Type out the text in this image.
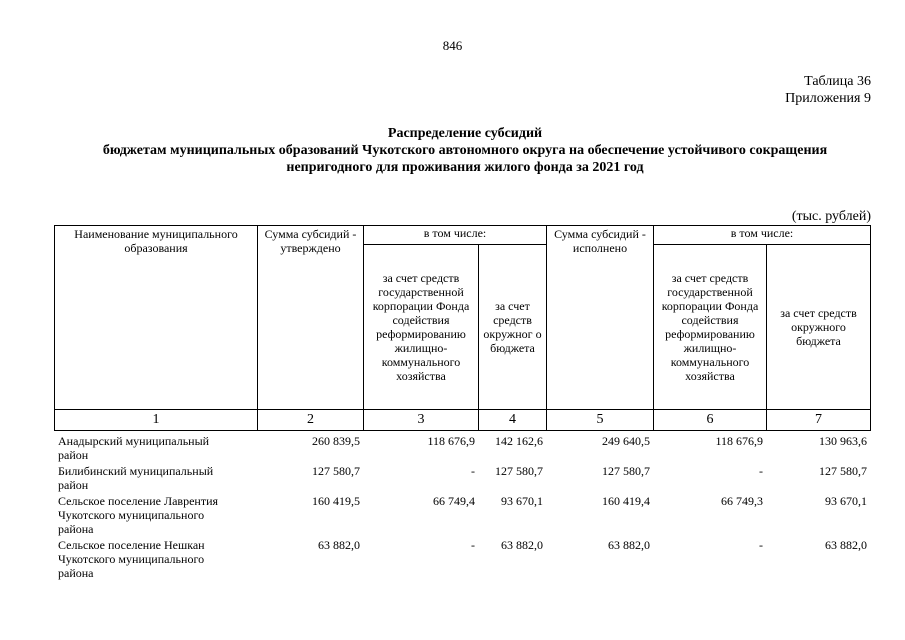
846
Таблица 36
Приложения 9
Распределение субсидий
бюджетам муниципальных образований Чукотского автономного округа на обеспечение устойчивого сокращения
непригодного для проживания жилого фонда за 2021 год
(тыс. рублей)
Наименование муниципального образования	Сумма субсидий - утверждено	в том числе:		Сумма субсидий - исполнено	в том числе:	
		за счет средств государственной корпорации Фонда содействия реформированию жилищно-коммунального хозяйства	за счет средств окружног о бюджета		за счет средств государственной корпорации Фонда содействия реформированию жилищно-коммунального хозяйства	за счет средств окружного бюджета
1	2	3	4	5	6	7
Анадырский муниципальный район	260 839,5	118 676,9	142 162,6	249 640,5	118 676,9	130 963,6
Билибинский муниципальный район	127 580,7	-	127 580,7	127 580,7	-	127 580,7
Сельское поселение Лаврентия Чукотского муниципального района	160 419,5	66 749,4	93 670,1	160 419,4	66 749,3	93 670,1
Сельское поселение Нешкан Чукотского муниципального района	63 882,0	-	63 882,0	63 882,0	-	63 882,0
